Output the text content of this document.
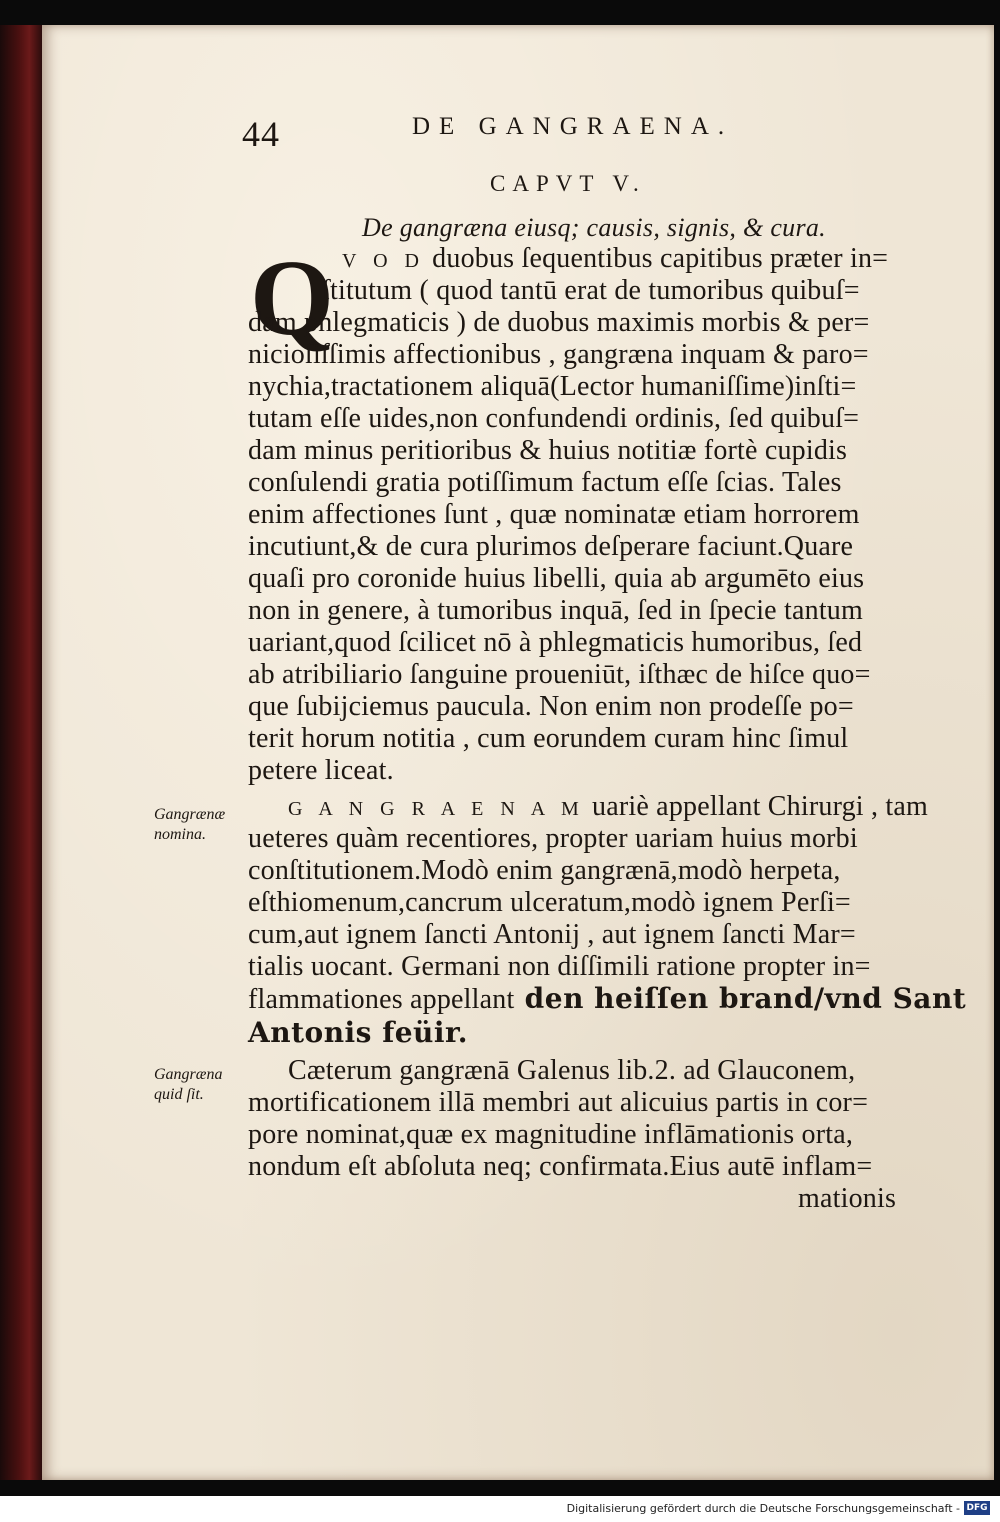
44	DE GANGRAENA.
CAPVT V.
De gangræna eiusq; causis, signis, & cura.
Q V O D duobus ſequentibus capitibus præter in=
ſtitutum ( quod tantū erat de tumoribus quibuſ=
dam phlegmaticis ) de duobus maximis morbis & per=
nicioſiſſimis affectionibus , gangræna inquam & paro=
nychia,tractationem aliquā(Lector humaniſſime)inſti=
tutam eſſe uides,non confundendi ordinis, ſed quibuſ=
dam minus peritioribus & huius notitiæ fortè cupidis
conſulendi gratia potiſſimum factum eſſe ſcias. Tales
enim affectiones ſunt , quæ nominatæ etiam horrorem
incutiunt,& de cura plurimos deſperare faciunt.Quare
quaſi pro coronide huius libelli, quia ab argumēto eius
non in genere, à tumoribus inquā, ſed in ſpecie tantum
uariant,quod ſcilicet nō à phlegmaticis humoribus, ſed
ab atribiliario ſanguine proueniūt, iſthæc de hiſce quo=
que ſubijciemus paucula. Non enim non prodeſſe po=
terit horum notitia , cum eorundem curam hinc ſimul
petere liceat.
G A N G R A E N A M uariè appellant Chirurgi , tam
ueteres quàm recentiores, propter uariam huius morbi
conſtitutionem.Modò enim gangrænā,modò herpeta,
eſthiomenum,cancrum ulceratum,modò ignem Perſi=
cum,aut ignem ſancti Antonij , aut ignem ſancti Mar=
tialis uocant. Germani non diſſimili ratione propter in=
flammationes appellant den heiſſen brand/vnd Sant
Antonis feüir.
Cæterum gangrænā Galenus lib.2. ad Glauconem,
mortificationem illā membri aut alicuius partis in cor=
pore nominat,quæ ex magnitudine inflāmationis orta,
nondum eſt abſoluta neq; confirmata.Eius autē inflam=
mationis
Gangrænæ
nomina.
Gangræna
quid ſit.
Digitalisierung gefördert durch die Deutsche Forschungsgemeinschaft - DFG
